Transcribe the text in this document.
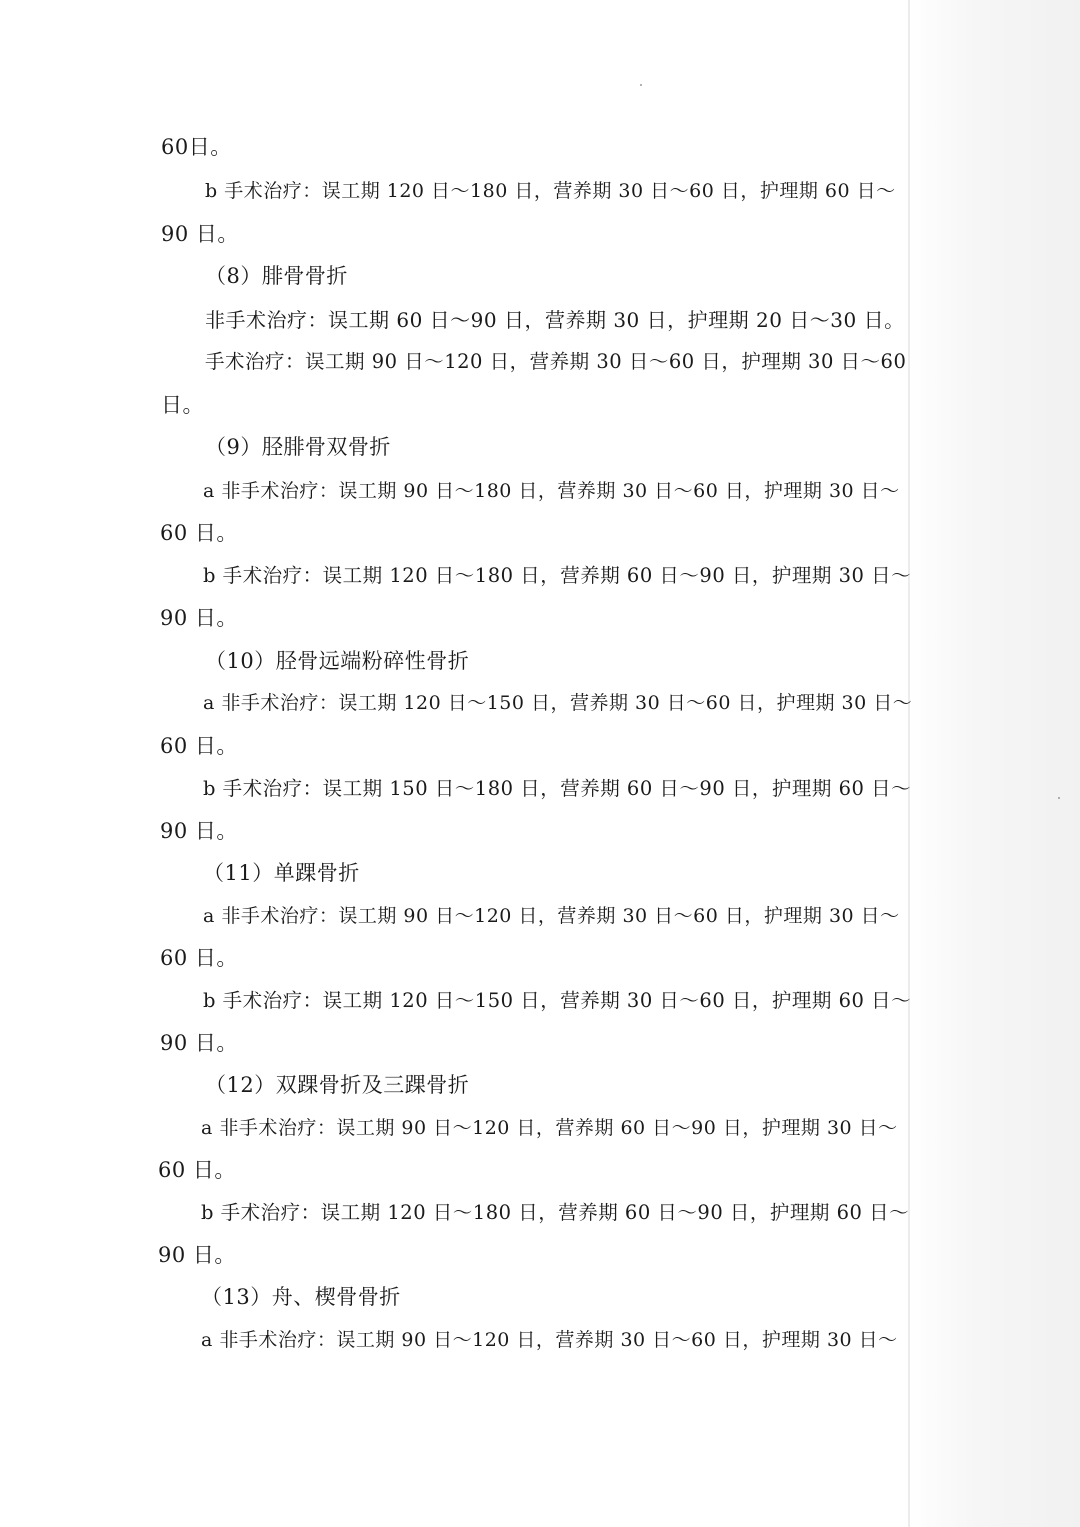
60日。
b 手术治疗：误工期 120 日～180 日，营养期 30 日～60 日，护理期 60 日～
90 日。
（8）腓骨骨折
非手术治疗：误工期 60 日～90 日，营养期 30 日，护理期 20 日～30 日。
手术治疗：误工期 90 日～120 日，营养期 30 日～60 日，护理期 30 日～60
日。
（9）胫腓骨双骨折
a 非手术治疗：误工期 90 日～180 日，营养期 30 日～60 日，护理期 30 日～
60 日。
b 手术治疗：误工期 120 日～180 日，营养期 60 日～90 日，护理期 30 日～
90 日。
（10）胫骨远端粉碎性骨折
a 非手术治疗：误工期 120 日～150 日，营养期 30 日～60 日，护理期 30 日～
60 日。
b 手术治疗：误工期 150 日～180 日，营养期 60 日～90 日，护理期 60 日～
90 日。
（11）单踝骨折
a 非手术治疗：误工期 90 日～120 日，营养期 30 日～60 日，护理期 30 日～
60 日。
b 手术治疗：误工期 120 日～150 日，营养期 30 日～60 日，护理期 60 日～
90 日。
（12）双踝骨折及三踝骨折
a 非手术治疗：误工期 90 日～120 日，营养期 60 日～90 日，护理期 30 日～
60 日。
b 手术治疗：误工期 120 日～180 日，营养期 60 日～90 日，护理期 60 日～
90 日。
（13）舟、楔骨骨折
a 非手术治疗：误工期 90 日～120 日，营养期 30 日～60 日，护理期 30 日～
